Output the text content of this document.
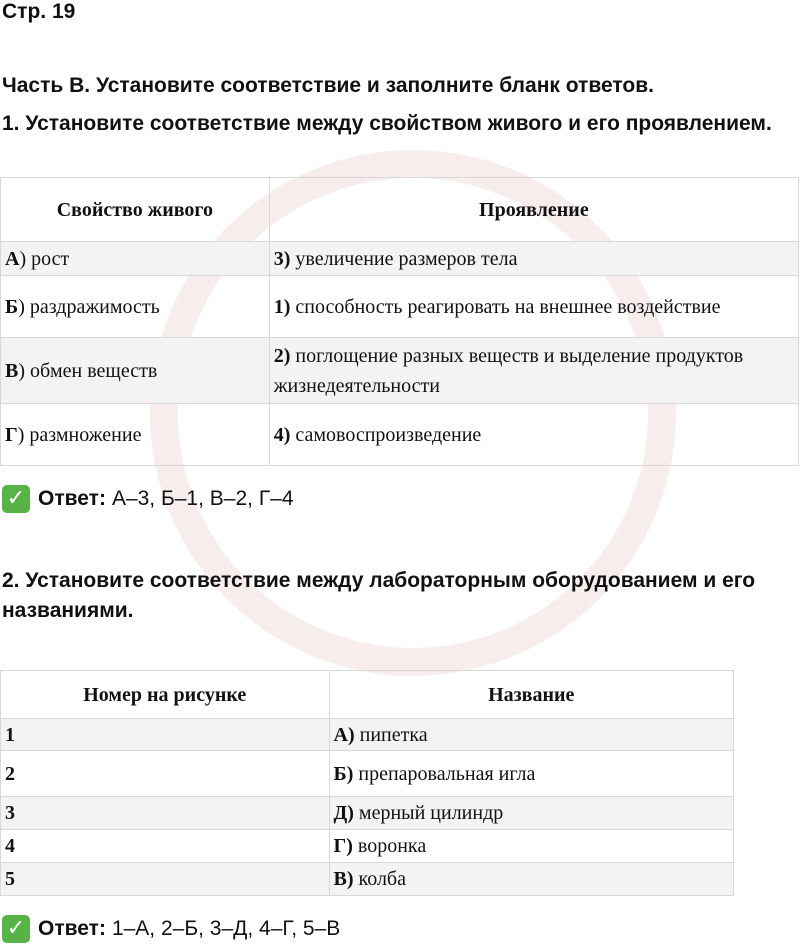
Стр. 19
Часть В. Установите соответствие и заполните бланк ответов.
1. Установите соответствие между свойством живого и его проявлением.
Свойство живого	Проявление
А) рост	3) увеличение размеров тела
Б) раздражимость	1) способность реагировать на внешнее воздействие
В) обмен веществ	2) поглощение разных веществ и выделение продуктов жизнедеятельности
Г) размножение	4) самовоспроизведение
✓ Ответ: А–3, Б–1, В–2, Г–4
2. Установите соответствие между лабораторным оборудованием и его названиями.
Номер на рисунке	Название
1	А) пипетка
2	Б) препаровальная игла
3	Д) мерный цилиндр
4	Г) воронка
5	В) колба
✓ Ответ: 1–А, 2–Б, 3–Д, 4–Г, 5–В
